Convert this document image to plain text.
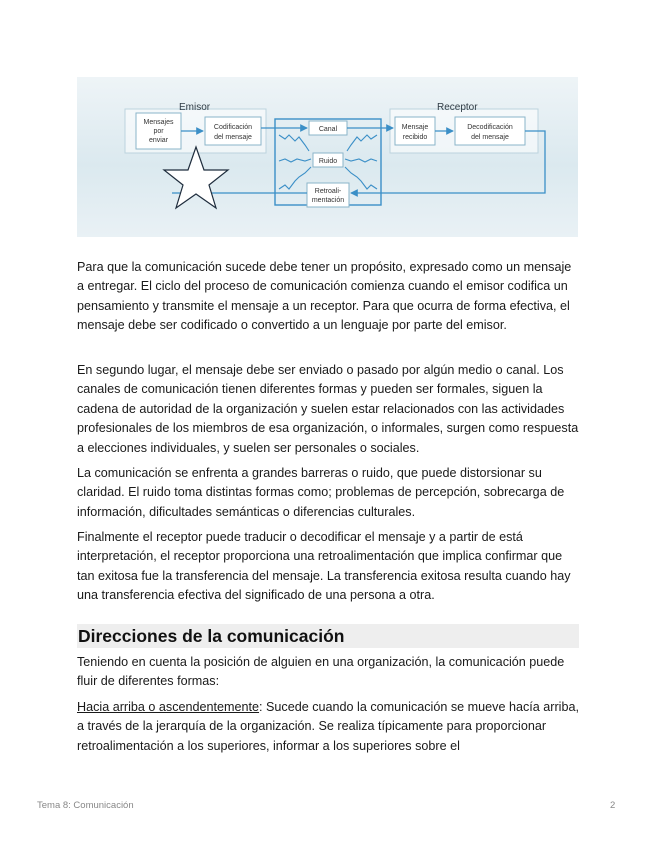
Emisor	Receptor
Mensajes
por
enviar
Codificación
del mensaje
Canal
Ruido
Retroali-
mentación
Mensaje
recibido
Decodificación
del mensaje

Para que la comunicación sucede debe tener un propósito, expresado como un mensaje a entregar. El ciclo del proceso de comunicación comienza cuando el emisor codifica un pensamiento y transmite el mensaje a un receptor. Para que ocurra de forma efectiva, el mensaje debe ser codificado o convertido a un lenguaje por parte del emisor.

En segundo lugar, el mensaje debe ser enviado o pasado por algún medio o canal. Los canales de comunicación tienen diferentes formas y pueden ser formales, siguen la cadena de autoridad de la organización y suelen estar relacionados con las actividades profesionales de los miembros de esa organización, o informales, surgen como respuesta a elecciones individuales, y suelen ser personales o sociales.

La comunicación se enfrenta a grandes barreras o ruido, que puede distorsionar su claridad. El ruido toma distintas formas como; problemas de percepción, sobrecarga de información, dificultades semánticas o diferencias culturales.

Finalmente el receptor puede traducir o decodificar el mensaje y a partir de está interpretación, el receptor proporciona una retroalimentación que implica confirmar que tan exitosa fue la transferencia del mensaje. La transferencia exitosa resulta cuando hay una transferencia efectiva del significado de una persona a otra.

Direcciones de la comunicación

Teniendo en cuenta la posición de alguien en una organización, la comunicación puede fluir de diferentes formas:

Hacia arriba o ascendentemente: Sucede cuando la comunicación se mueve hacía arriba, a través de la jerarquía de la organización. Se realiza típicamente para proporcionar retroalimentación a los superiores, informar a los superiores sobre el

Tema 8: Comunicación	2
